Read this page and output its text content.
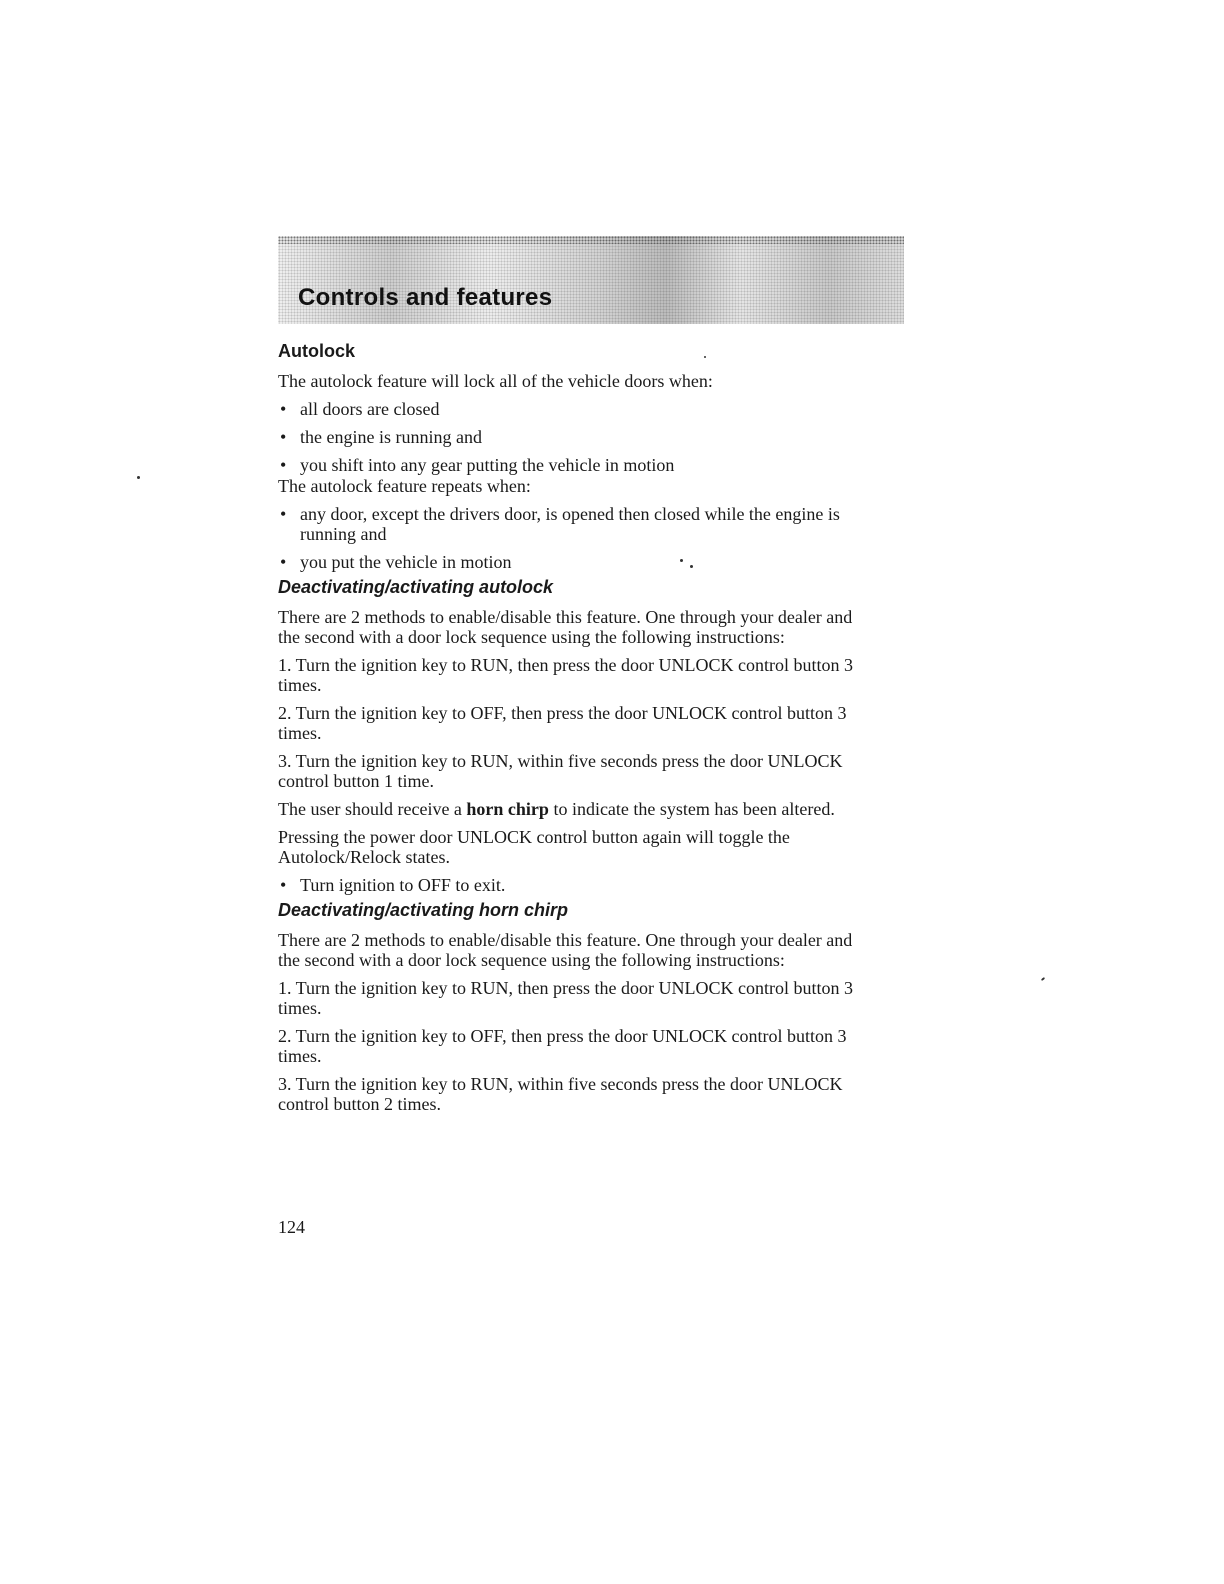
Controls and features
Autolock

The autolock feature will lock all of the vehicle doors when:

• all doors are closed
• the engine is running and
• you shift into any gear putting the vehicle in motion

The autolock feature repeats when:

• any door, except the drivers door, is opened then closed while the engine is running and
• you put the vehicle in motion
Deactivating/activating autolock

There are 2 methods to enable/disable this feature. One through your dealer and the second with a door lock sequence using the following instructions:

1. Turn the ignition key to RUN, then press the door UNLOCK control button 3 times.

2. Turn the ignition key to OFF, then press the door UNLOCK control button 3 times.

3. Turn the ignition key to RUN, within five seconds press the door UNLOCK control button 1 time.

The user should receive a horn chirp to indicate the system has been altered.

Pressing the power door UNLOCK control button again will toggle the Autolock/Relock states.

• Turn ignition to OFF to exit.
Deactivating/activating horn chirp

There are 2 methods to enable/disable this feature. One through your dealer and the second with a door lock sequence using the following instructions:

1. Turn the ignition key to RUN, then press the door UNLOCK control button 3 times.

2. Turn the ignition key to OFF, then press the door UNLOCK control button 3 times.

3. Turn the ignition key to RUN, within five seconds press the door UNLOCK control button 2 times.

124
